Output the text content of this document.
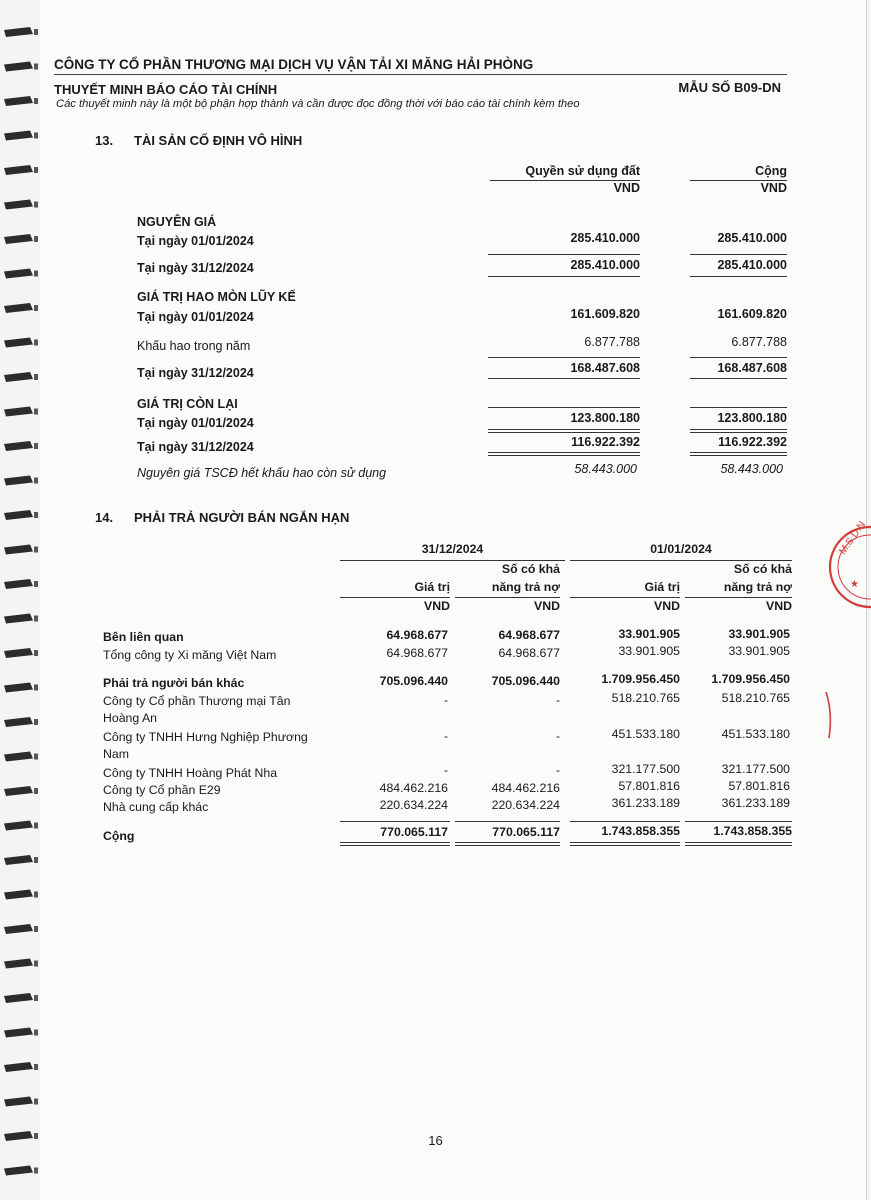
CÔNG TY CỔ PHẦN THƯƠNG MẠI DỊCH VỤ VẬN TẢI XI MĂNG HẢI PHÒNG
THUYẾT MINH BÁO CÁO TÀI CHÍNH	MẪU SỐ B09-DN
Các thuyết minh này là một bộ phận hợp thành và cần được đọc đồng thời với báo cáo tài chính kèm theo
13. TÀI SẢN CỐ ĐỊNH VÔ HÌNH
Quyền sử dụng đất	Cộng
VND	VND
NGUYÊN GIÁ
Tại ngày 01/01/2024	285.410.000	285.410.000
Tại ngày 31/12/2024	285.410.000	285.410.000
GIÁ TRỊ HAO MÒN LŨY KẾ
Tại ngày 01/01/2024	161.609.820	161.609.820
Khấu hao trong năm	6.877.788	6.877.788
Tại ngày 31/12/2024	168.487.608	168.487.608
GIÁ TRỊ CÒN LẠI
Tại ngày 01/01/2024	123.800.180	123.800.180
Tại ngày 31/12/2024	116.922.392	116.922.392
Nguyên giá TSCĐ hết khấu hao còn sử dụng	58.443.000	58.443.000
14. PHẢI TRẢ NGƯỜI BÁN NGẮN HẠN
31/12/2024	01/01/2024
Số có khả	Số có khả
Giá trị	năng trả nợ	Giá trị	năng trả nợ
VND	VND	VND	VND
Bên liên quan	64.968.677	64.968.677	33.901.905	33.901.905
Tổng công ty Xi măng Việt Nam	64.968.677	64.968.677	33.901.905	33.901.905
Phải trả người bán khác	705.096.440	705.096.440	1.709.956.450	1.709.956.450
Công ty Cổ phần Thương mại Tân
Hoàng An
-	-	518.210.765	518.210.765
Công ty TNHH Hưng Nghiệp Phương
Nam
-	-	451.533.180	451.533.180
Công ty TNHH Hoàng Phát Nha	-	-	321.177.500	321.177.500
Công ty Cổ phần E29	484.462.216	484.462.216	57.801.816	57.801.816
Nhà cung cấp khác	220.634.224	220.634.224	361.233.189	361.233.189
Cộng	770.065.117	770.065.117	1.743.858.355	1.743.858.355
M.S.D.N
★
16
